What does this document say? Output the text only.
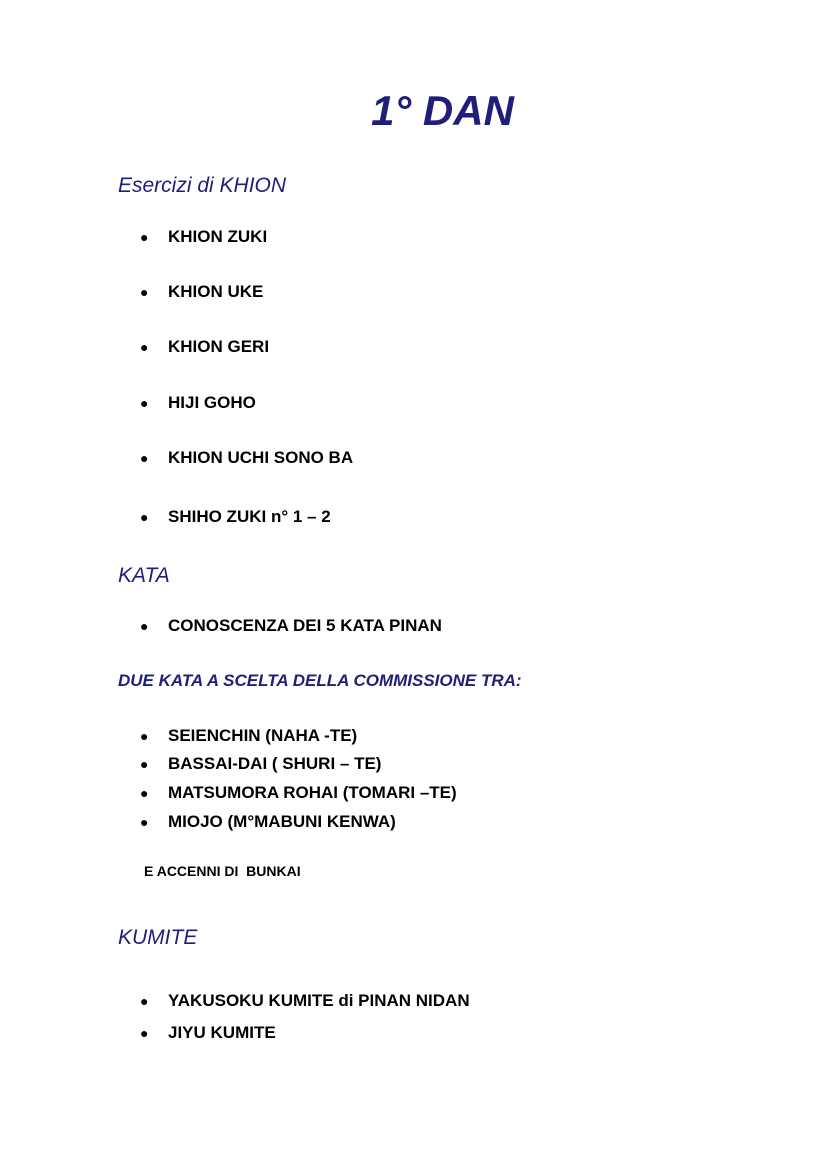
1° DAN
Esercizi di KHION
● KHION ZUKI
● KHION UKE
● KHION GERI
● HIJI GOHO
● KHION UCHI SONO BA
● SHIHO ZUKI n° 1 – 2
KATA
● CONOSCENZA DEI 5 KATA PINAN
DUE KATA A SCELTA DELLA COMMISSIONE TRA:
● SEIENCHIN (NAHA -TE)
● BASSAI-DAI ( SHURI – TE)
● MATSUMORA ROHAI (TOMARI –TE)
● MIOJO (M°MABUNI KENWA)

E ACCENNI DI  BUNKAI

KUMITE
● YAKUSOKU KUMITE di PINAN NIDAN
● JIYU KUMITE
